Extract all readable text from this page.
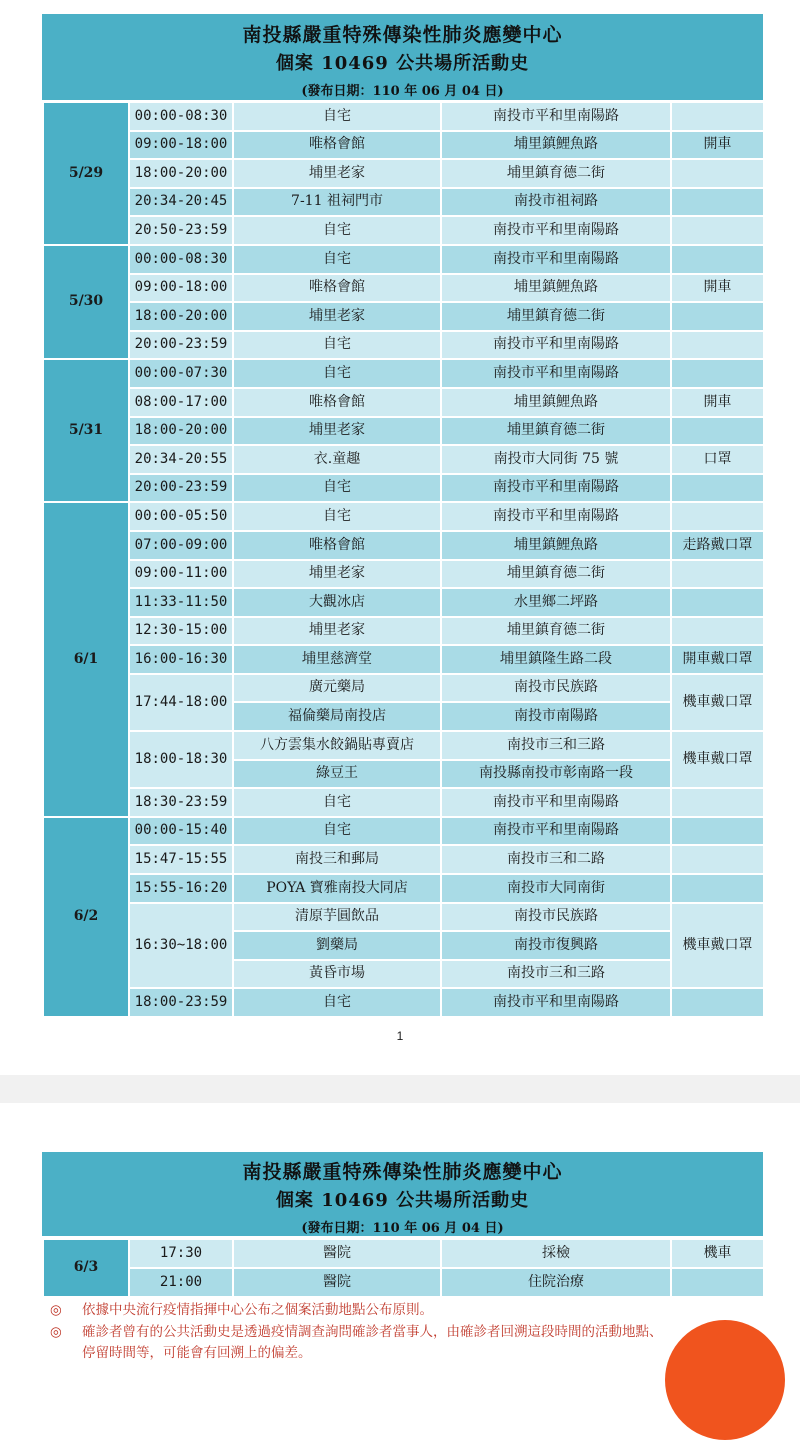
南投縣嚴重特殊傳染性肺炎應變中心
個案 10469 公共場所活動史
(發布日期：110 年 06 月 04 日)
5/29	00:00-08:30	自宅	南投市平和里南陽路	
	09:00-18:00	唯格會館	埔里鎮鯉魚路	開車
	18:00-20:00	埔里老家	埔里鎮育德二街	
	20:34-20:45	7-11 祖祠門市	南投市祖祠路	
	20:50-23:59	自宅	南投市平和里南陽路	
5/30	00:00-08:30	自宅	南投市平和里南陽路	
	09:00-18:00	唯格會館	埔里鎮鯉魚路	開車
	18:00-20:00	埔里老家	埔里鎮育德二街	
	20:00-23:59	自宅	南投市平和里南陽路	
5/31	00:00-07:30	自宅	南投市平和里南陽路	
	08:00-17:00	唯格會館	埔里鎮鯉魚路	開車
	18:00-20:00	埔里老家	埔里鎮育德二街	
	20:34-20:55	衣.童趣	南投市大同街 75 號	口罩
	20:00-23:59	自宅	南投市平和里南陽路	
6/1	00:00-05:50	自宅	南投市平和里南陽路	
	07:00-09:00	唯格會館	埔里鎮鯉魚路	走路戴口罩
	09:00-11:00	埔里老家	埔里鎮育德二街	
	11:33-11:50	大觀冰店	水里鄉二坪路	
	12:30-15:00	埔里老家	埔里鎮育德二街	
	16:00-16:30	埔里慈濟堂	埔里鎮隆生路二段	開車戴口罩
	17:44-18:00	廣元藥局	南投市民族路	機車戴口罩
		福倫藥局南投店	南投市南陽路	
	18:00-18:30	八方雲集水餃鍋貼專賣店	南投市三和三路	機車戴口罩
		綠豆王	南投縣南投市彰南路一段	
	18:30-23:59	自宅	南投市平和里南陽路	
6/2	00:00-15:40	自宅	南投市平和里南陽路	
	15:47-15:55	南投三和郵局	南投市三和二路	
	15:55-16:20	POYA 寶雅南投大同店	南投市大同南街	
	16:30~18:00	清原芋圓飲品	南投市民族路	機車戴口罩
		劉藥局	南投市復興路	
		黃昏市場	南投市三和三路	
	18:00-23:59	自宅	南投市平和里南陽路	
1
南投縣嚴重特殊傳染性肺炎應變中心
個案 10469 公共場所活動史
(發布日期：110 年 06 月 04 日)
6/3	17:30	醫院	採檢	機車
	21:00	醫院	住院治療	
◎	依據中央流行疫情指揮中心公布之個案活動地點公布原則。
◎	確診者曾有的公共活動史是透過疫情調查詢問確診者當事人，由確診者回溯這段時間的活動地點、
停留時間等，可能會有回溯上的偏差。
